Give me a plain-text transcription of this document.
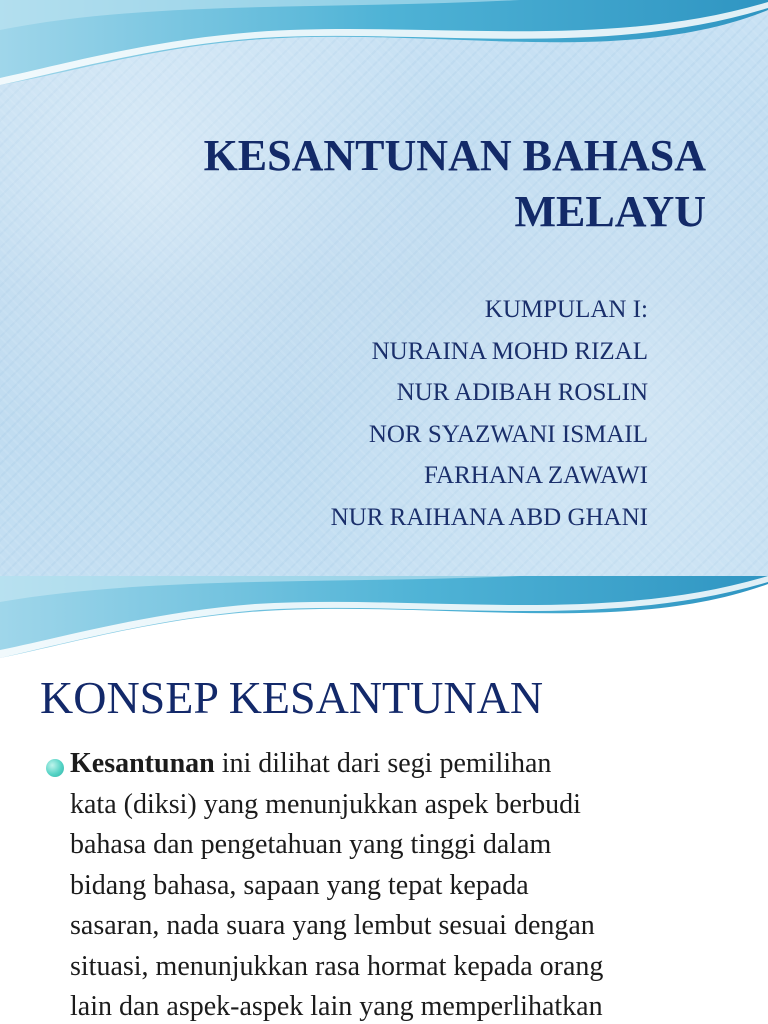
KESANTUNAN BAHASA
MELAYU
KUMPULAN I:
NURAINA MOHD RIZAL
NUR ADIBAH ROSLIN
NOR SYAZWANI ISMAIL
FARHANA ZAWAWI
NUR RAIHANA ABD GHANI
KONSEP KESANTUNAN

Kesantunan ini dilihat dari segi pemilihan
kata (diksi) yang menunjukkan aspek berbudi
bahasa dan pengetahuan yang tinggi dalam
bidang bahasa, sapaan yang tepat kepada
sasaran, nada suara yang lembut sesuai dengan
situasi, menunjukkan rasa hormat kepada orang
lain dan aspek-aspek lain yang memperlihatkan
